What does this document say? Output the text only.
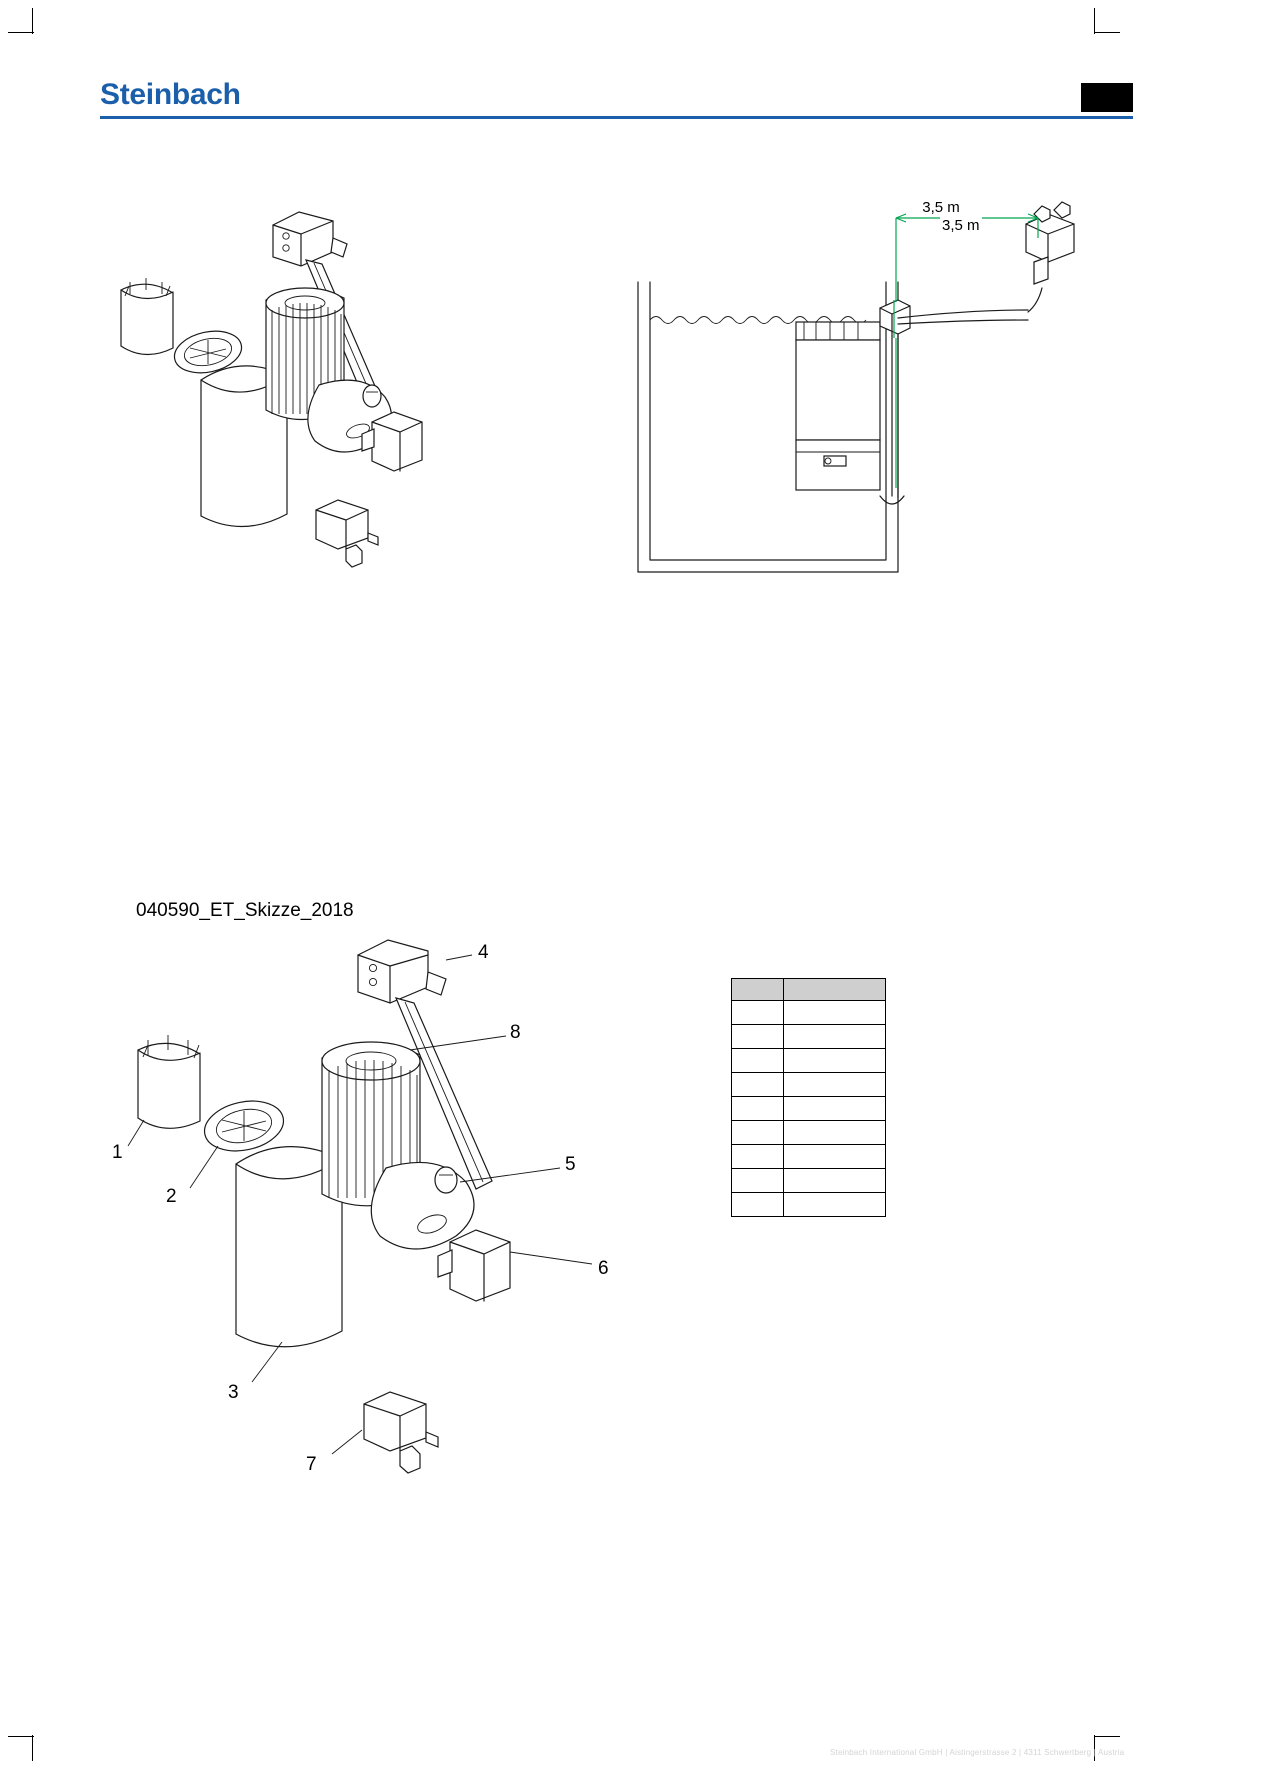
Steinbach
3,5 m
3,5 m
040590_ET_Skizze_2018
4
1
2
3
8
5
6
7

Steinbach International GmbH | Aistingerstrasse 2 | 4311 Schwertberg | Austria
